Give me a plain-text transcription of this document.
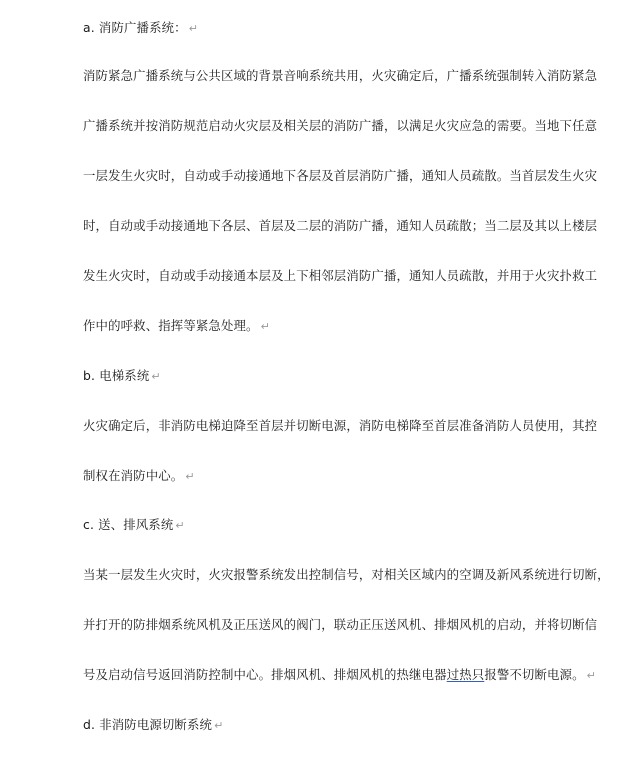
a. 消防广播系统： ↵
消防紧急广播系统与公共区域的背景音响系统共用，火灾确定后，广播系统强制转入消防紧急
广播系统并按消防规范启动火灾层及相关层的消防广播，以满足火灾应急的需要。当地下任意
一层发生火灾时，自动或手动接通地下各层及首层消防广播，通知人员疏散。当首层发生火灾
时，自动或手动接通地下各层、首层及二层的消防广播，通知人员疏散；当二层及其以上楼层
发生火灾时，自动或手动接通本层及上下相邻层消防广播，通知人员疏散，并用于火灾扑救工
作中的呼救、指挥等紧急处理。 ↵
b. 电梯系统 ↵
火灾确定后，非消防电梯迫降至首层并切断电源，消防电梯降至首层准备消防人员使用，其控
制权在消防中心。 ↵
c. 送、排风系统 ↵
当某一层发生火灾时，火灾报警系统发出控制信号，对相关区域内的空调及新风系统进行切断，
并打开的防排烟系统风机及正压送风的阀门，联动正压送风机、排烟风机的启动，并将切断信
号及启动信号返回消防控制中心。排烟风机、排烟风机的热继电器过热只报警不切断电源。 ↵
d. 非消防电源切断系统 ↵
